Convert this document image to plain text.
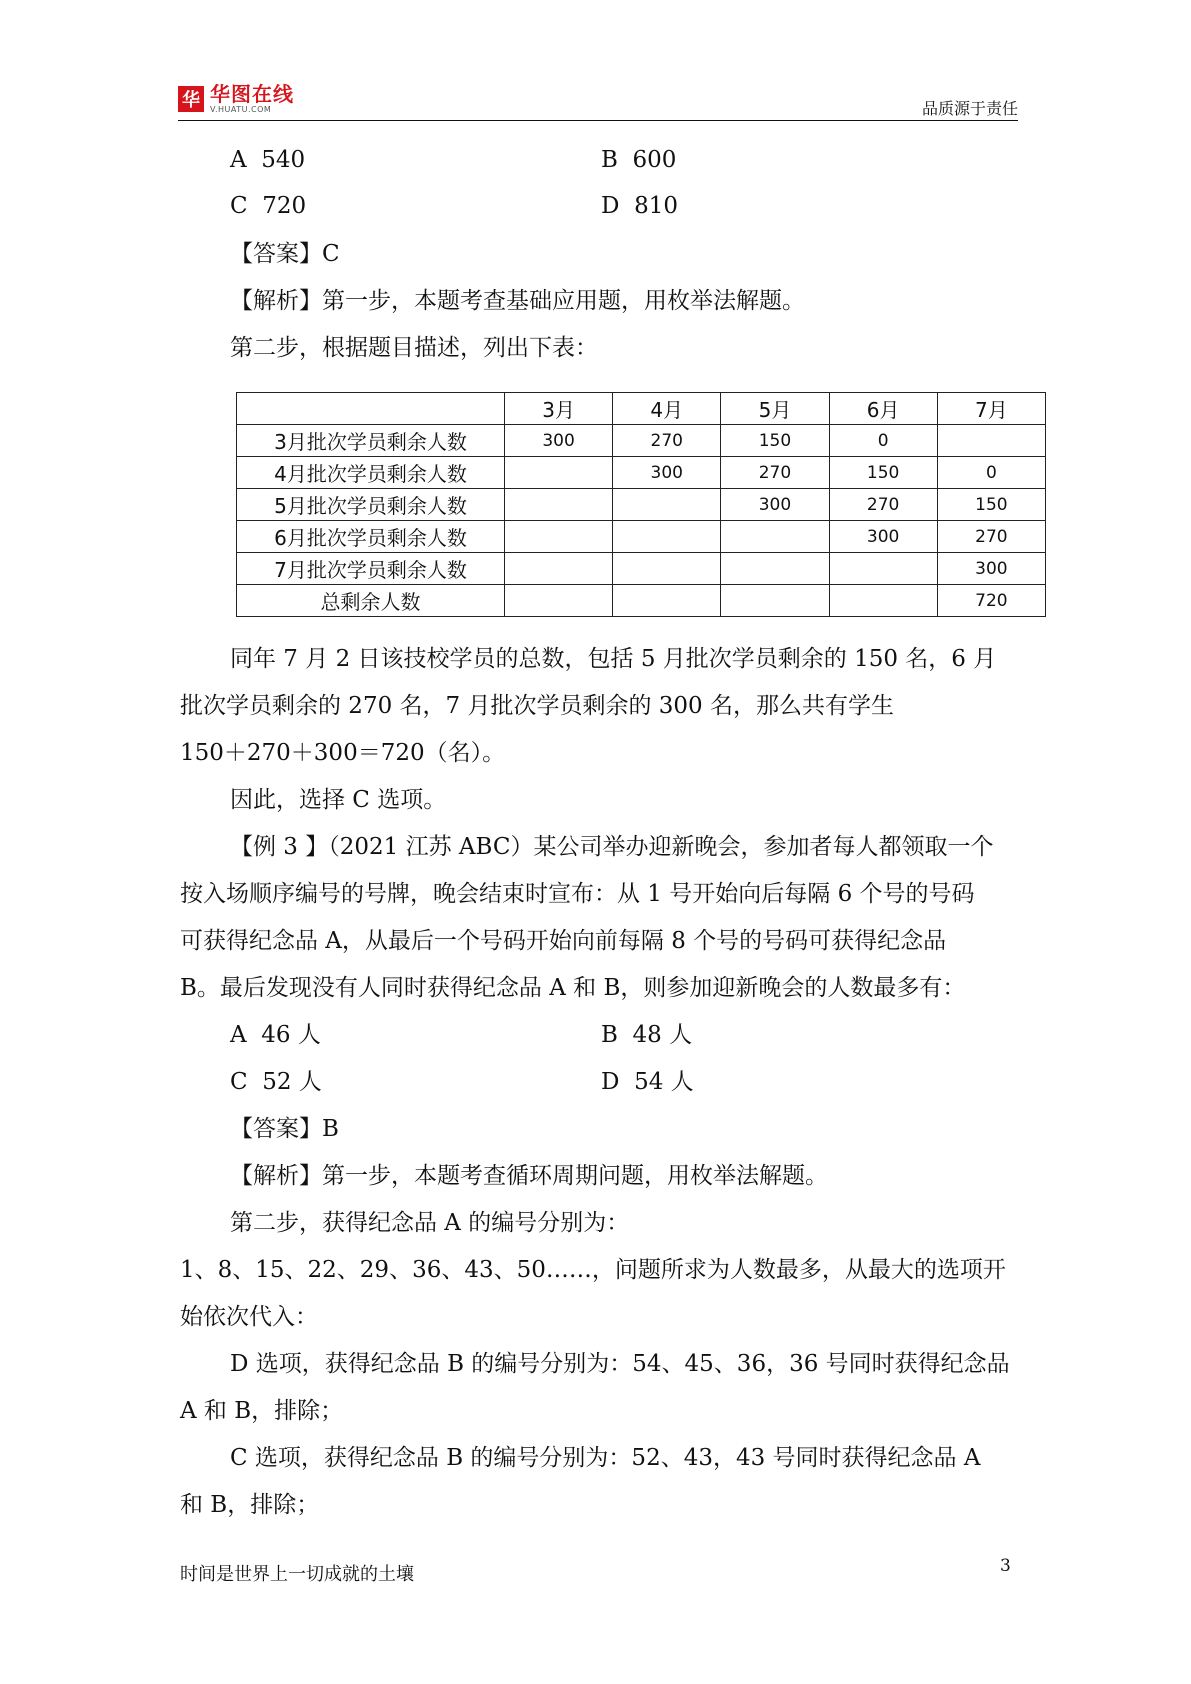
华 华图在线
V.HUATU.COM	品质源于责任
A 540	B 600
C 720	D 810
【答案】C
【解析】第一步，本题考查基础应用题，用枚举法解题。
第二步，根据题目描述，列出下表：
	3月	4月	5月	6月	7月
3月批次学员剩余人数	300	270	150	0	
4月批次学员剩余人数		300	270	150	0
5月批次学员剩余人数			300	270	150
6月批次学员剩余人数				300	270
7月批次学员剩余人数					300
总剩余人数					720
同年 7 月 2 日该技校学员的总数，包括 5 月批次学员剩余的 150 名，6 月
批次学员剩余的 270 名，7 月批次学员剩余的 300 名，那么共有学生
150＋270＋300＝720（名）。
因此，选择 C 选项。
【例 3 】（2021 江苏 ABC）某公司举办迎新晚会，参加者每人都领取一个
按入场顺序编号的号牌，晚会结束时宣布：从 1 号开始向后每隔 6 个号的号码
可获得纪念品 A，从最后一个号码开始向前每隔 8 个号的号码可获得纪念品
B。最后发现没有人同时获得纪念品 A 和 B，则参加迎新晚会的人数最多有：
A 46 人	B 48 人
C 52 人	D 54 人
【答案】B
【解析】第一步，本题考查循环周期问题，用枚举法解题。
第二步，获得纪念品 A 的编号分别为：
1、8、15、22、29、36、43、50……，问题所求为人数最多，从最大的选项开
始依次代入：
D 选项，获得纪念品 B 的编号分别为：54、45、36，36 号同时获得纪念品
A 和 B，排除；
C 选项，获得纪念品 B 的编号分别为：52、43，43 号同时获得纪念品 A
和 B，排除；
时间是世界上一切成就的土壤	3
